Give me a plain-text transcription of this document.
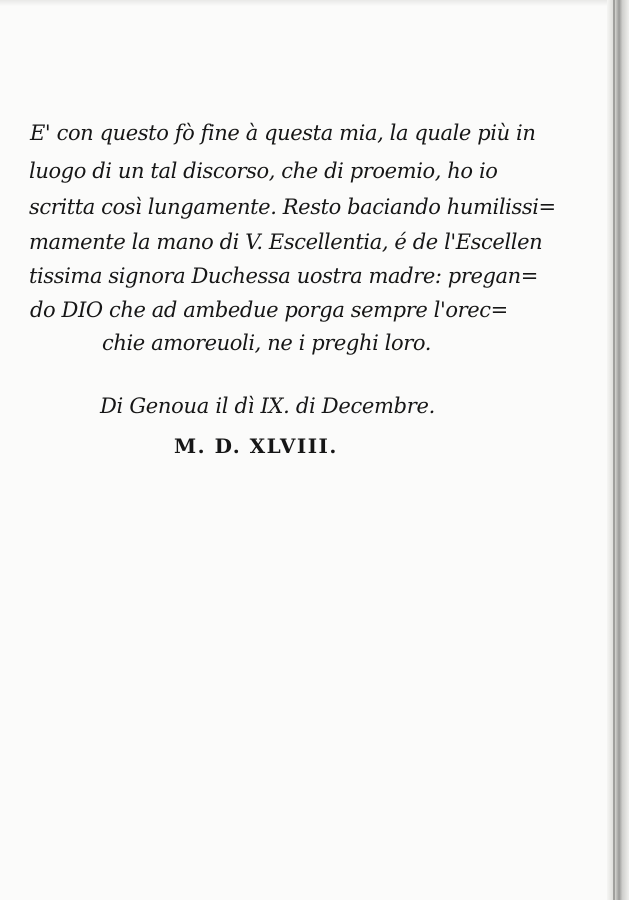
E' con questo fò fine à questa mia, la quale più in
luogo di un tal discorso, che di proemio, ho io
scritta così lungamente. Resto baciando humilissi=
mamente la mano di V. Escellentia, é de l'Escellen
tissima signora Duchessa uostra madre: pregan=
do DIO che ad ambedue porga sempre l'orec=
chie amoreuoli, ne i preghi loro.
Di Genoua il dì IX. di Decembre.
M. D. XLVIII.
